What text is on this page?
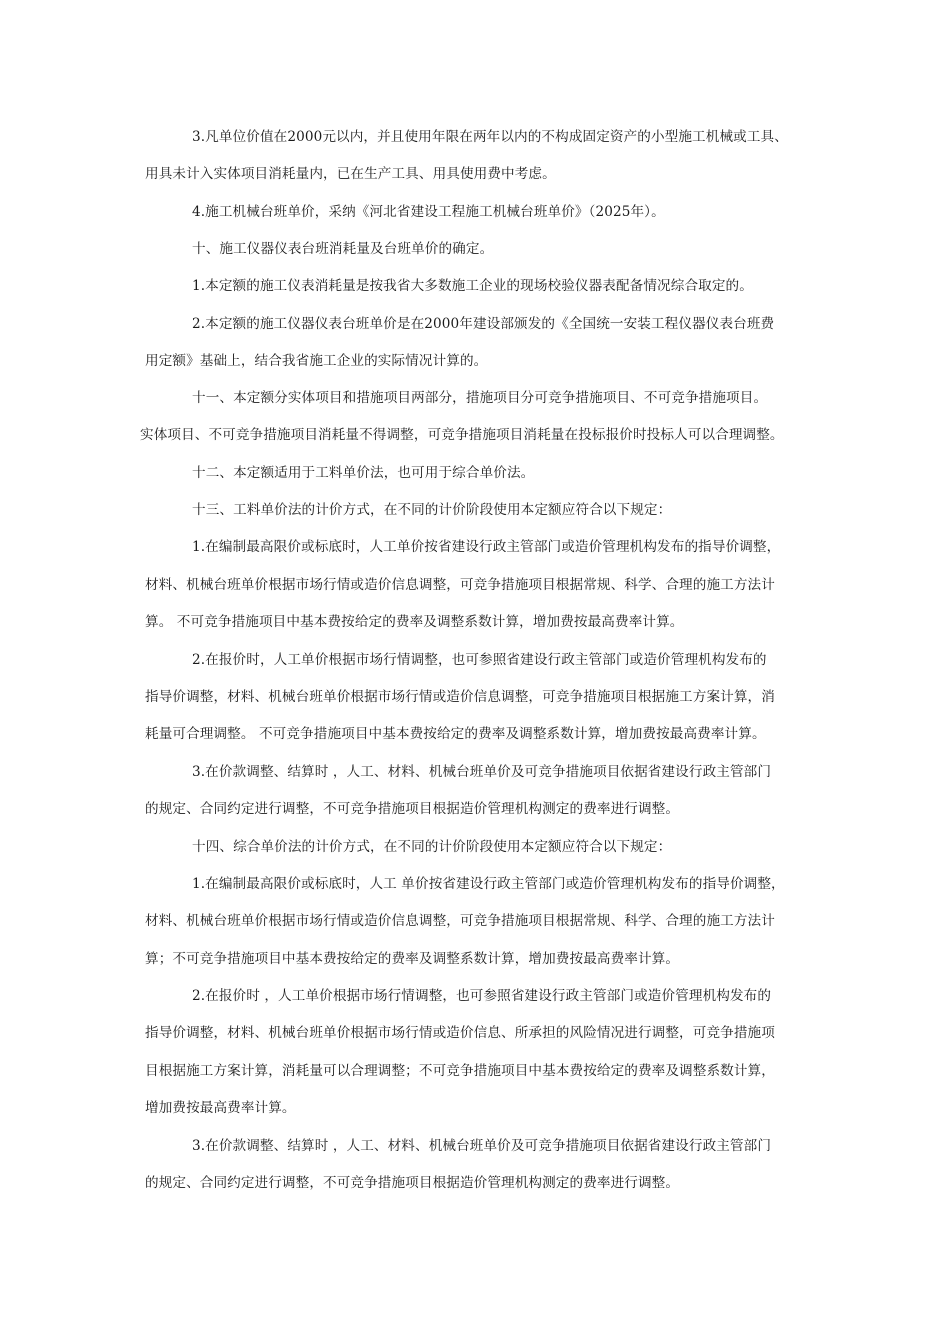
3.凡单位价值在2000元以内，并且使用年限在两年以内的不构成固定资产的小型施工机械或工具、
用具未计入实体项目消耗量内，已在生产工具、用具使用费中考虑。
4.施工机械台班单价，采纳《河北省建设工程施工机械台班单价》（2025年）。
十、施工仪器仪表台班消耗量及台班单价的确定。
1.本定额的施工仪表消耗量是按我省大多数施工企业的现场校验仪器表配备情况综合取定的。
2.本定额的施工仪器仪表台班单价是在2000年建设部颁发的《全国统一安装工程仪器仪表台班费
用定额》基础上，结合我省施工企业的实际情况计算的。
十一、本定额分实体项目和措施项目两部分，措施项目分可竞争措施项目、不可竞争措施项目。
实体项目、不可竞争措施项目消耗量不得调整，可竞争措施项目消耗量在投标报价时投标人可以合理调整。
十二、本定额适用于工料单价法，也可用于综合单价法。
十三、工料单价法的计价方式，在不同的计价阶段使用本定额应符合以下规定：
1.在编制最高限价或标底时，人工单价按省建设行政主管部门或造价管理机构发布的指导价调整，
材料、机械台班单价根据市场行情或造价信息调整，可竞争措施项目根据常规、科学、合理的施工方法计
算。 不可竞争措施项目中基本费按给定的费率及调整系数计算，增加费按最高费率计算。
2.在报价时，人工单价根据市场行情调整，也可参照省建设行政主管部门或造价管理机构发布的
指导价调整，材料、机械台班单价根据市场行情或造价信息调整，可竞争措施项目根据施工方案计算，消
耗量可合理调整。 不可竞争措施项目中基本费按给定的费率及调整系数计算，增加费按最高费率计算。
3.在价款调整、结算时 ，人工、材料、机械台班单价及可竞争措施项目依据省建设行政主管部门
的规定、合同约定进行调整，不可竞争措施项目根据造价管理机构测定的费率进行调整。
十四、综合单价法的计价方式，在不同的计价阶段使用本定额应符合以下规定：
1.在编制最高限价或标底时，人工 单价按省建设行政主管部门或造价管理机构发布的指导价调整，
材料、机械台班单价根据市场行情或造价信息调整，可竞争措施项目根据常规、科学、合理的施工方法计
算；不可竞争措施项目中基本费按给定的费率及调整系数计算，增加费按最高费率计算。
2.在报价时 ，人工单价根据市场行情调整，也可参照省建设行政主管部门或造价管理机构发布的
指导价调整，材料、机械台班单价根据市场行情或造价信息、所承担的风险情况进行调整，可竞争措施项
目根据施工方案计算，消耗量可以合理调整；不可竞争措施项目中基本费按给定的费率及调整系数计算，
增加费按最高费率计算。
3.在价款调整、结算时 ，人工、材料、机械台班单价及可竞争措施项目依据省建设行政主管部门
的规定、合同约定进行调整，不可竞争措施项目根据造价管理机构测定的费率进行调整。
